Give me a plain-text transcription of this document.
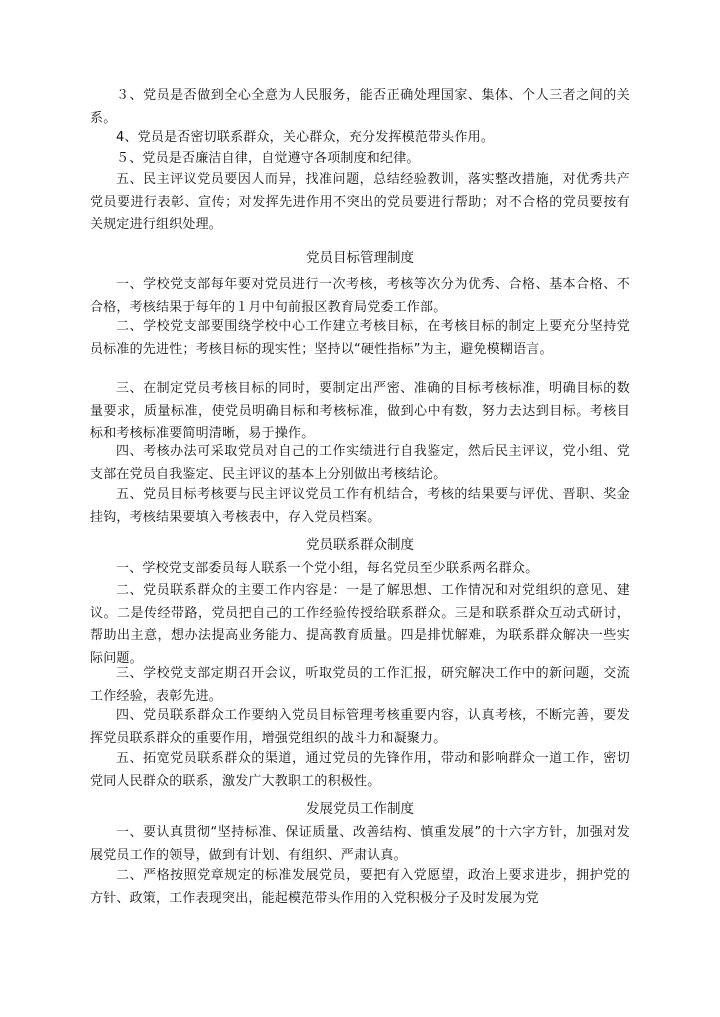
３、党员是否做到全心全意为人民服务，能否正确处理国家、集体、个人三者之间的关系。

4、党员是否密切联系群众，关心群众，充分发挥模范带头作用。

５、党员是否廉洁自律，自觉遵守各项制度和纪律。

五、民主评议党员要因人而异，找准问题，总结经验教训，落实整改措施，对优秀共产党员要进行表彰、宣传；对发挥先进作用不突出的党员要进行帮助；对不合格的党员要按有关规定进行组织处理。

党员目标管理制度

一、学校党支部每年要对党员进行一次考核，考核等次分为优秀、合格、基本合格、不合格，考核结果于每年的１月中旬前报区教育局党委工作部。

二、学校党支部要围绕学校中心工作建立考核目标，在考核目标的制定上要充分坚持党员标准的先进性；考核目标的现实性；坚持以“硬性指标”为主，避免模糊语言。

三、在制定党员考核目标的同时，要制定出严密、准确的目标考核标准，明确目标的数量要求，质量标准，使党员明确目标和考核标准，做到心中有数，努力去达到目标。考核目标和考核标准要简明清晰，易于操作。

四、考核办法可采取党员对自己的工作实绩进行自我鉴定，然后民主评议，党小组、党支部在党员自我鉴定、民主评议的基本上分别做出考核结论。

五、党员目标考核要与民主评议党员工作有机结合，考核的结果要与评优、晋职、奖金挂钩，考核结果要填入考核表中，存入党员档案。

党员联系群众制度

一、学校党支部委员每人联系一个党小组，每名党员至少联系两名群众。

二、党员联系群众的主要工作内容是：一是了解思想、工作情况和对党组织的意见、建议。二是传经带路，党员把自己的工作经验传授给联系群众。三是和联系群众互动式研讨，帮助出主意，想办法提高业务能力、提高教育质量。四是排忧解难，为联系群众解决一些实际问题。

三、学校党支部定期召开会议，听取党员的工作汇报，研究解决工作中的新问题，交流工作经验，表彰先进。

四、党员联系群众工作要纳入党员目标管理考核重要内容，认真考核，不断完善，要发挥党员联系群众的重要作用，增强党组织的战斗力和凝聚力。

五、拓宽党员联系群众的渠道，通过党员的先锋作用，带动和影响群众一道工作，密切党同人民群众的联系，激发广大教职工的积极性。

发展党员工作制度

一、要认真贯彻“坚持标准、保证质量、改善结构、慎重发展”的十六字方针，加强对发展党员工作的领导，做到有计划、有组织、严肃认真。

二、严格按照党章规定的标准发展党员，要把有入党愿望，政治上要求进步，拥护党的方针、政策，工作表现突出，能起模范带头作用的入党积极分子及时发展为党
